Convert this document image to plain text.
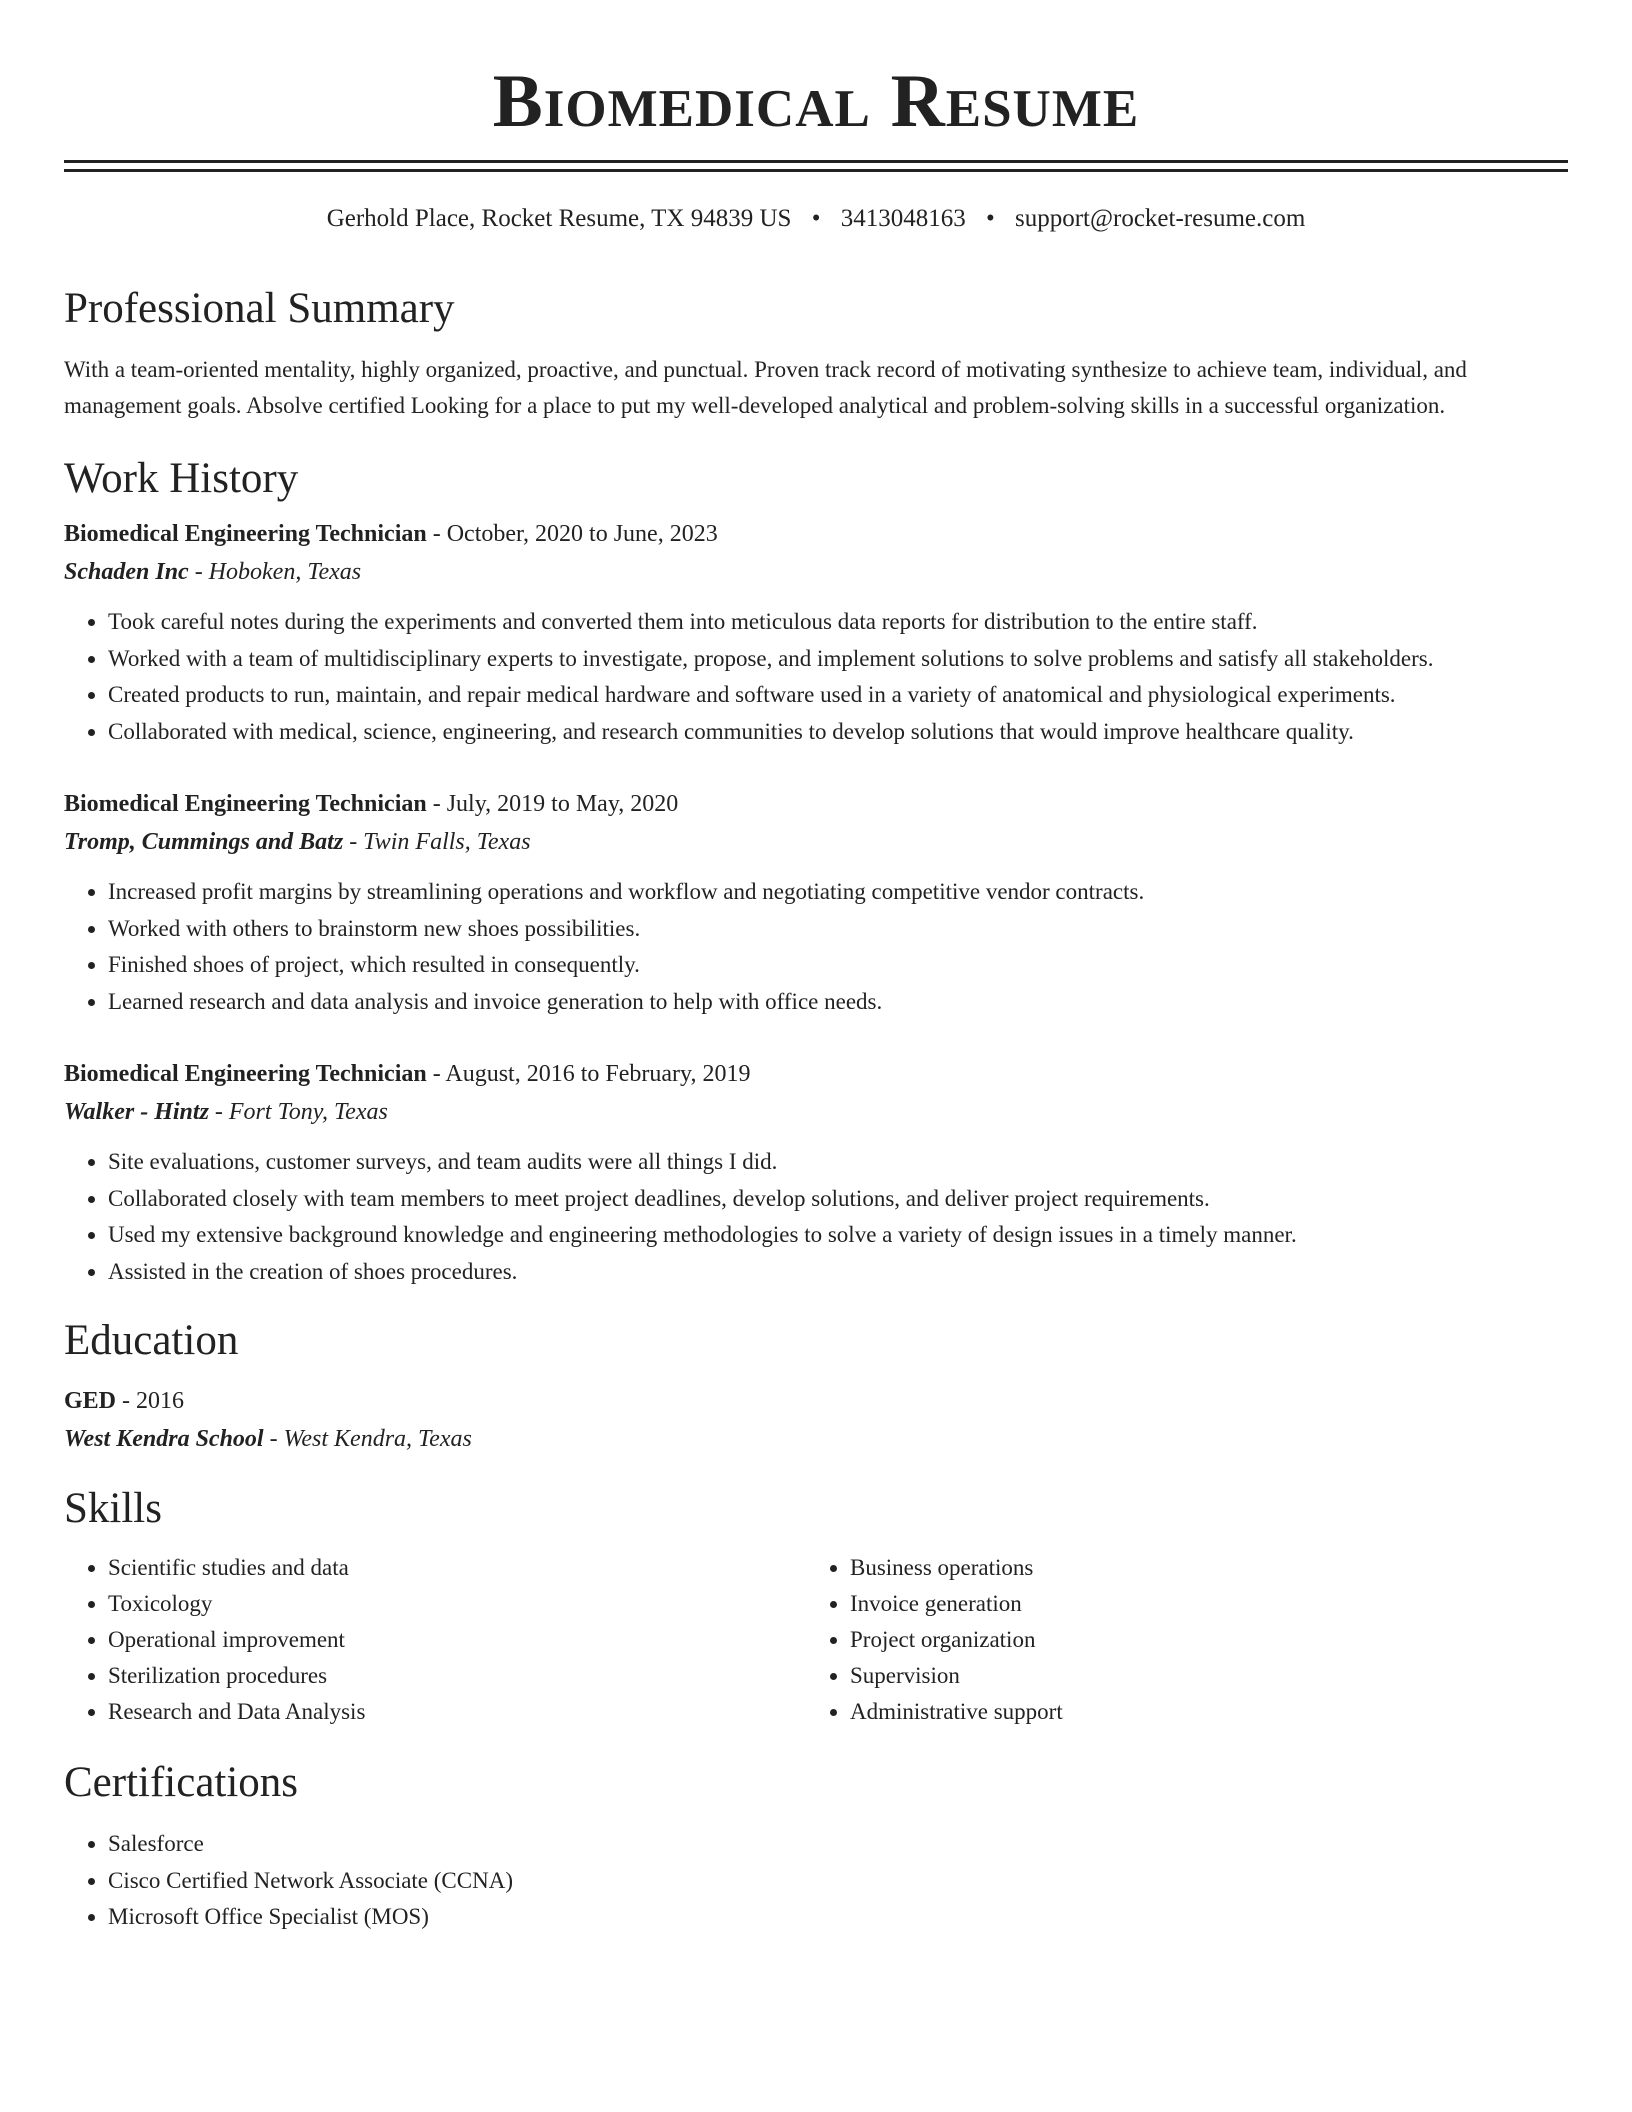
Biomedical Resume
Gerhold Place, Rocket Resume, TX 94839 US • 3413048163 • support@rocket-resume.com
Professional Summary

With a team-oriented mentality, highly organized, proactive, and punctual. Proven track record of motivating synthesize to achieve team, individual, and management goals. Absolve certified Looking for a place to put my well-developed analytical and problem-solving skills in a successful organization.

Work History
Biomedical Engineering Technician - October, 2020 to June, 2023
Schaden Inc - Hoboken, Texas
• Took careful notes during the experiments and converted them into meticulous data reports for distribution to the entire staff.
• Worked with a team of multidisciplinary experts to investigate, propose, and implement solutions to solve problems and satisfy all stakeholders.
• Created products to run, maintain, and repair medical hardware and software used in a variety of anatomical and physiological experiments.
• Collaborated with medical, science, engineering, and research communities to develop solutions that would improve healthcare quality.
Biomedical Engineering Technician - July, 2019 to May, 2020
Tromp, Cummings and Batz - Twin Falls, Texas
• Increased profit margins by streamlining operations and workflow and negotiating competitive vendor contracts.
• Worked with others to brainstorm new shoes possibilities.
• Finished shoes of project, which resulted in consequently.
• Learned research and data analysis and invoice generation to help with office needs.
Biomedical Engineering Technician - August, 2016 to February, 2019
Walker - Hintz - Fort Tony, Texas
• Site evaluations, customer surveys, and team audits were all things I did.
• Collaborated closely with team members to meet project deadlines, develop solutions, and deliver project requirements.
• Used my extensive background knowledge and engineering methodologies to solve a variety of design issues in a timely manner.
• Assisted in the creation of shoes procedures.
Education
GED - 2016
West Kendra School - West Kendra, Texas
Skills
• Scientific studies and data
• Toxicology
• Operational improvement
• Sterilization procedures
• Research and Data Analysis
• Business operations
• Invoice generation
• Project organization
• Supervision
• Administrative support
Certifications
• Salesforce
• Cisco Certified Network Associate (CCNA)
• Microsoft Office Specialist (MOS)
